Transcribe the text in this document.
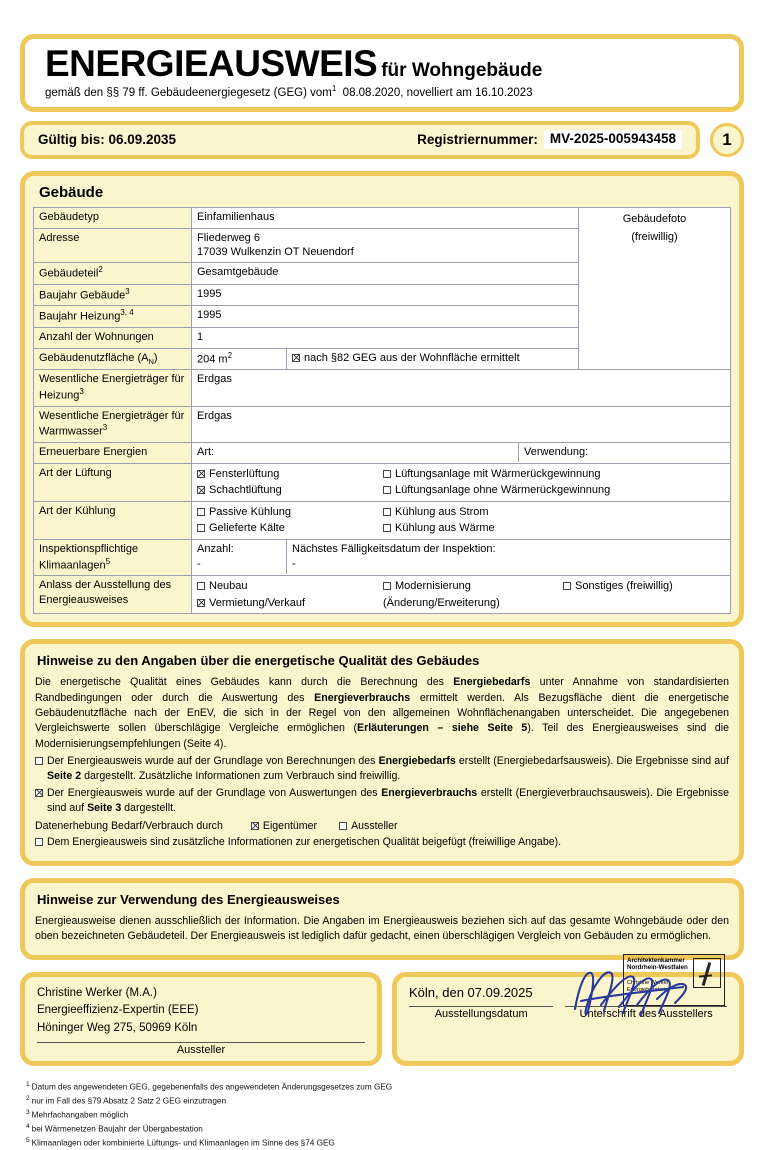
ENERGIEAUSWEIS für Wohngebäude
gemäß den §§ 79 ff. Gebäudeenergiegesetz (GEG) vom$^1$ 08.08.2020, novelliert am 16.10.2023
Gültig bis: 06.09.2035	Registriernummer: MV-2025-005943458	1
Gebäude
Gebäudetyp	Einfamilienhaus	Gebäudefoto
(freiwillig)

Adresse	Fliederweg 6
17039 Wulkenzin OT Neuendorf	

Gebäudeteil$^2$	Gesamtgebäude	
Baujahr Gebäude$^3$	1995	
Baujahr Heizung$^{3, 4}$	1995	
Anzahl der Wohnungen	1	
Gebäudenutzfläche $(A_N)$	204 $m^2$ nach §82 GEG aus der Wohnfläche ermittelt	

Wesentliche Energieträger für Heizung$^3$	Erdgas	
Wesentliche Energieträger für Warmwasser$^3$	Erdgas	
Erneuerbare Energien	Art: Verwendung:	

Art der Lüftung	Fensterlüftung Lüftungsanlage mit Wärmerückgewinnung
Schachtlüftung Lüftungsanlage ohne Wärmerückgewinnung	

Art der Kühlung	Passive Kühlung Kühlung aus Strom
Gelieferte Kälte Kühlung aus Wärme	

Inspektionspflichtige Klimaanlagen$^5$	Anzahl:
-
Nächstes Fälligkeitsdatum der Inspektion:
-	

Anlass der Ausstellung des Energieausweises	Neubau Modernisierung Sonstiges (freiwillig)
Vermietung/Verkauf (Änderung/Erweiterung)	
Hinweise zu den Angaben über die energetische Qualität des Gebäudes

Die energetische Qualität eines Gebäudes kann durch die Berechnung des Energiebedarfs unter Annahme von standardisierten Randbedingungen oder durch die Auswertung des Energieverbrauchs ermittelt werden. Als Bezugsfläche dient die energetische Gebäudenutzfläche nach der EnEV, die sich in der Regel von den allgemeinen Wohnflächenangaben unterscheidet. Die angegebenen Vergleichswerte sollen überschlägige Vergleiche ermöglichen (Erläuterungen – siehe Seite 5). Teil des Energieausweises sind die Modernisierungsempfehlungen (Seite 4).

Der Energieausweis wurde auf der Grundlage von Berechnungen des Energiebedarfs erstellt (Energiebedarfsausweis). Die Ergebnisse sind auf Seite 2 dargestellt. Zusätzliche Informationen zum Verbrauch sind freiwillig.
Der Energieausweis wurde auf der Grundlage von Auswertungen des Energieverbrauchs erstellt (Energieverbrauchsausweis). Die Ergebnisse sind auf Seite 3 dargestellt.
Datenerhebung Bedarf/Verbrauch durch	Eigentümer	Aussteller
Dem Energieausweis sind zusätzliche Informationen zur energetischen Qualität beigefügt (freiwillige Angabe).
Hinweise zur Verwendung des Energieausweises
Energieausweise dienen ausschließlich der Information. Die Angaben im Energieausweis beziehen sich auf das gesamte Wohngebäude oder den oben bezeichneten Gebäudeteil. Der Energieausweis ist lediglich dafür gedacht, einen überschlägigen Vergleich von Gebäuden zu ermöglichen.
Christine Werker (M.A.)
Energieeffizienz-Expertin (EEE)
Höninger Weg 275, 50969 Köln
Aussteller
Köln, den 07.09.2025
Ausstellungsdatum
Architektenkammer
Nordrhein-Westfalen
Christine Werker
Energieberaterin
Unterschrift des Ausstellers
$^1$ Datum des angewendeten GEG, gegebenenfalls des angewendeten Änderungsgesetzes zum GEG
$^2$ nur im Fall des §79 Absatz 2 Satz 2 GEG einzutragen
$^3$ Mehrfachangaben möglich
$^4$ bei Wärmenetzen Baujahr der Übergabestation
$^5$ Klimaanlagen oder kombinierte Lüftungs- und Klimaanlagen im Sinne des §74 GEG
